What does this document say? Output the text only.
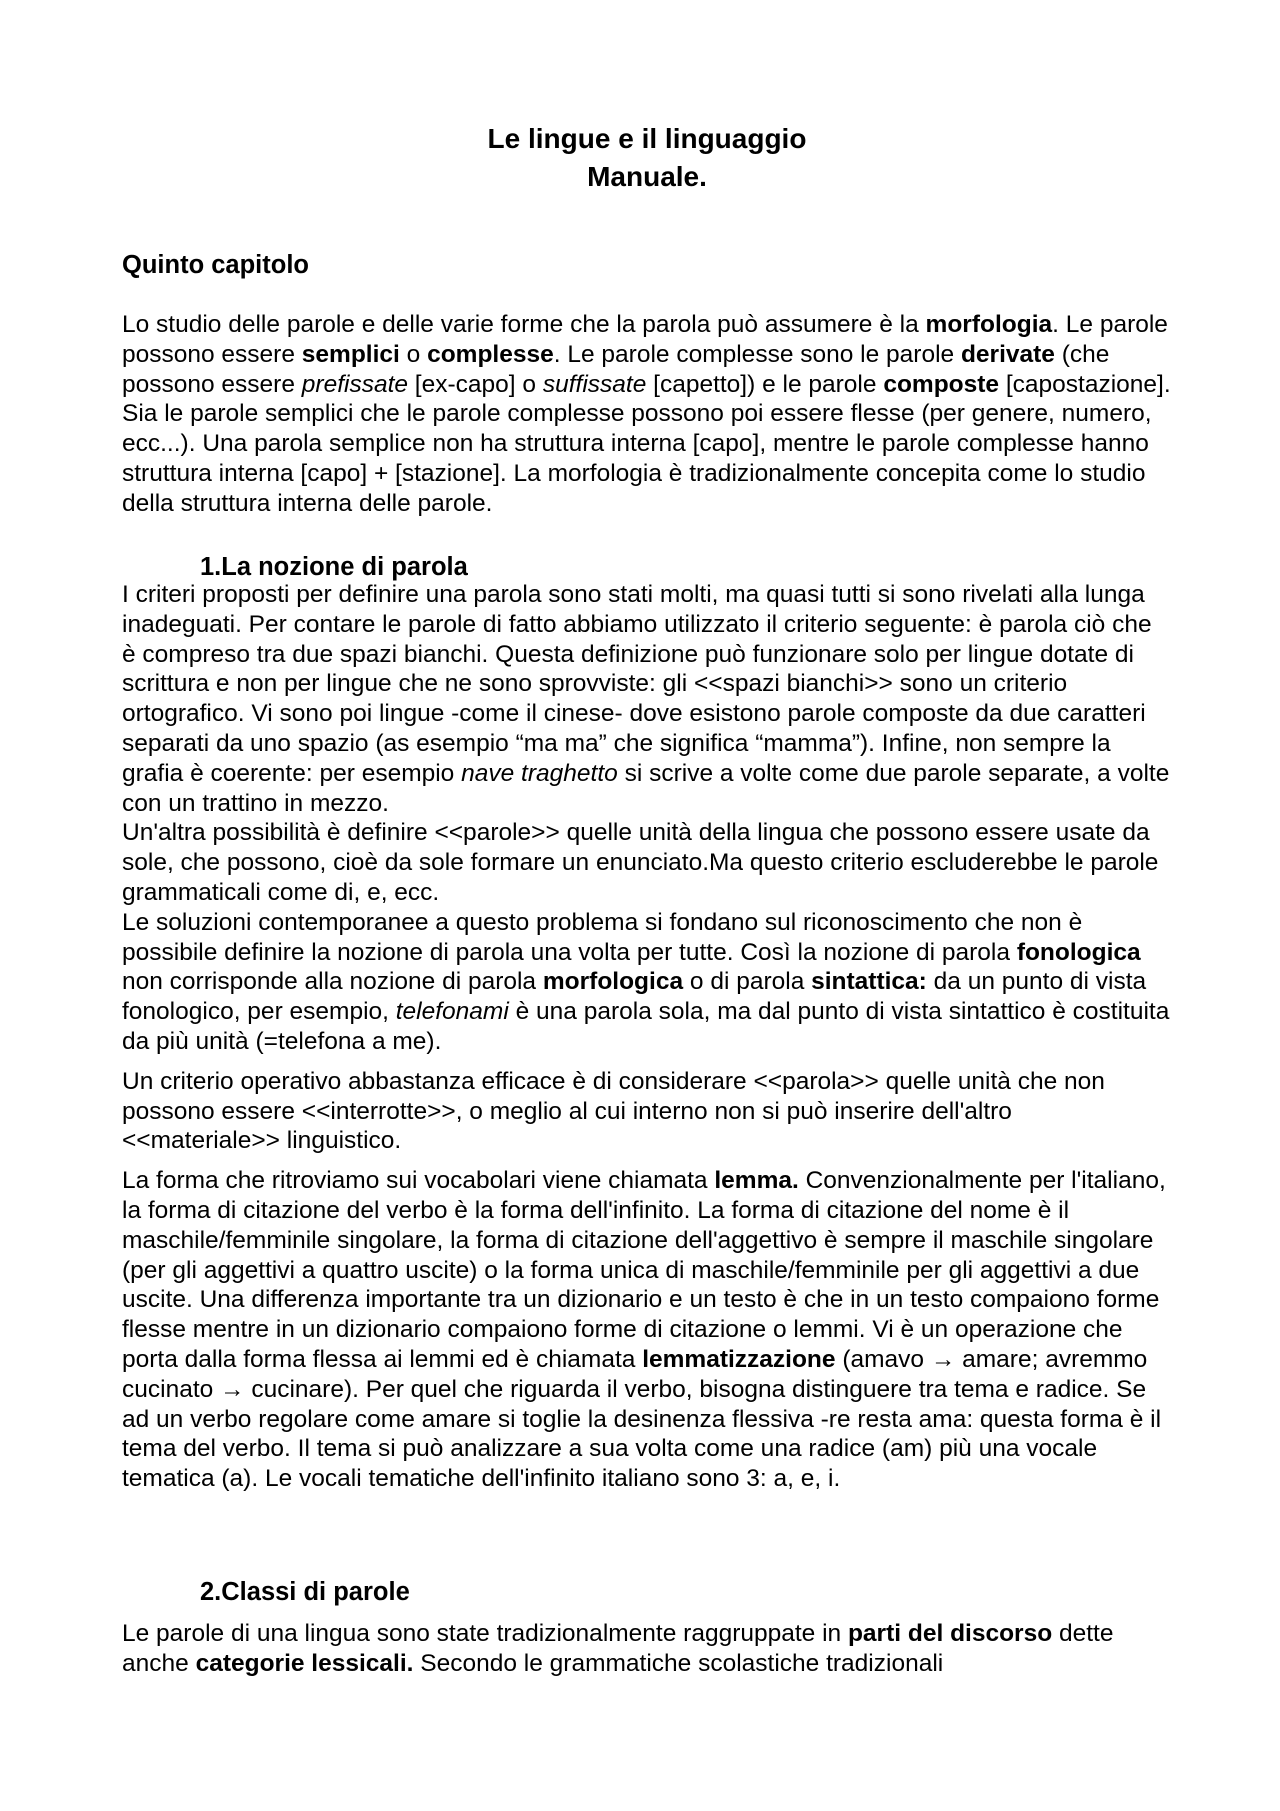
Le lingue e il linguaggio
Manuale.
Quinto capitolo

Lo studio delle parole e delle varie forme che la parola può assumere è la morfologia. Le parole possono essere semplici o complesse. Le parole complesse sono le parole derivate (che possono essere prefissate [ex-capo] o suffissate [capetto]) e le parole composte [capostazione]. Sia le parole semplici che le parole complesse possono poi essere flesse (per genere, numero, ecc...). Una parola semplice non ha struttura interna [capo], mentre le parole complesse hanno struttura interna [capo] + [stazione]. La morfologia è tradizionalmente concepita come lo studio della struttura interna delle parole.

1.La nozione di parola

I criteri proposti per definire una parola sono stati molti, ma quasi tutti si sono rivelati alla lunga inadeguati. Per contare le parole di fatto abbiamo utilizzato il criterio seguente: è parola ciò che è compreso tra due spazi bianchi. Questa definizione può funzionare solo per lingue dotate di scrittura e non per lingue che ne sono sprovviste: gli <<spazi bianchi>> sono un criterio ortografico. Vi sono poi lingue -come il cinese- dove esistono parole composte da due caratteri separati da uno spazio (as esempio “ma ma” che significa “mamma”). Infine, non sempre la grafia è coerente: per esempio nave traghetto si scrive a volte come due parole separate, a volte con un trattino in mezzo.

Un'altra possibilità è definire <<parole>> quelle unità della lingua che possono essere usate da sole, che possono, cioè da sole formare un enunciato.Ma questo criterio escluderebbe le parole grammaticali come di, e, ecc.

Le soluzioni contemporanee a questo problema si fondano sul riconoscimento che non è possibile definire la nozione di parola una volta per tutte. Così la nozione di parola fonologica non corrisponde alla nozione di parola morfologica o di parola sintattica: da un punto di vista fonologico, per esempio, telefonami è una parola sola, ma dal punto di vista sintattico è costituita da più unità (=telefona a me).

Un criterio operativo abbastanza efficace è di considerare <<parola>> quelle unità che non possono essere <<interrotte>>, o meglio al cui interno non si può inserire dell'altro <<materiale>> linguistico.

La forma che ritroviamo sui vocabolari viene chiamata lemma. Convenzionalmente per l'italiano, la forma di citazione del verbo è la forma dell'infinito. La forma di citazione del nome è il maschile/femminile singolare, la forma di citazione dell'aggettivo è sempre il maschile singolare (per gli aggettivi a quattro uscite) o la forma unica di maschile/femminile per gli aggettivi a due uscite. Una differenza importante tra un dizionario e un testo è che in un testo compaiono forme flesse mentre in un dizionario compaiono forme di citazione o lemmi. Vi è un operazione che porta dalla forma flessa ai lemmi ed è chiamata lemmatizzazione (amavo → amare; avremmo cucinato → cucinare). Per quel che riguarda il verbo, bisogna distinguere tra tema e radice. Se ad un verbo regolare come amare si toglie la desinenza flessiva -re resta ama: questa forma è il tema del verbo. Il tema si può analizzare a sua volta come una radice (am) più una vocale tematica (a). Le vocali tematiche dell'infinito italiano sono 3: a, e, i.

2.Classi di parole

Le parole di una lingua sono state tradizionalmente raggruppate in parti del discorso dette anche categorie lessicali. Secondo le grammatiche scolastiche tradizionali
